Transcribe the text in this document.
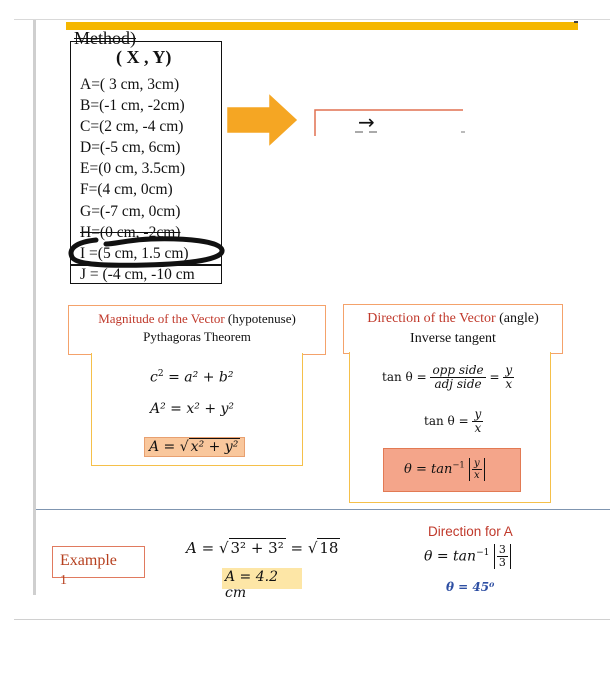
Method)
( X , Y)
A=( 3 cm, 3cm)
B=(-1 cm, -2cm)
C=(2 cm, -4 cm)
D=(-5 cm, 6cm)
E=(0 cm, 3.5cm)
F=(4 cm, 0cm)
G=(-7 cm, 0cm)
H=(0 cm, -2cm)
I =(5 cm, 1.5 cm)
J = (-4 cm, -10 cm
→
Magnitude of the Vector (hypotenuse)
Pythagoras Theorem
$c^2 = a^2 + b^2$
A² = x² + y²
A = √ x² + y²
Direction of the Vector (angle)
Inverse tangent
$\tan \theta = \frac{\text{opp side}}{\text{adj side}} = \frac{y}{x}$
$\tan \theta = \frac{y}{x}$
$\theta = \tan^{-1} \frac{y}{x}$
Example
1
A = √ 3² + 3² = √ 18
A = 4.2 cm
Direction for A
$\theta = \tan^{-1} \frac{3}{3}$
θ = 45⁰
